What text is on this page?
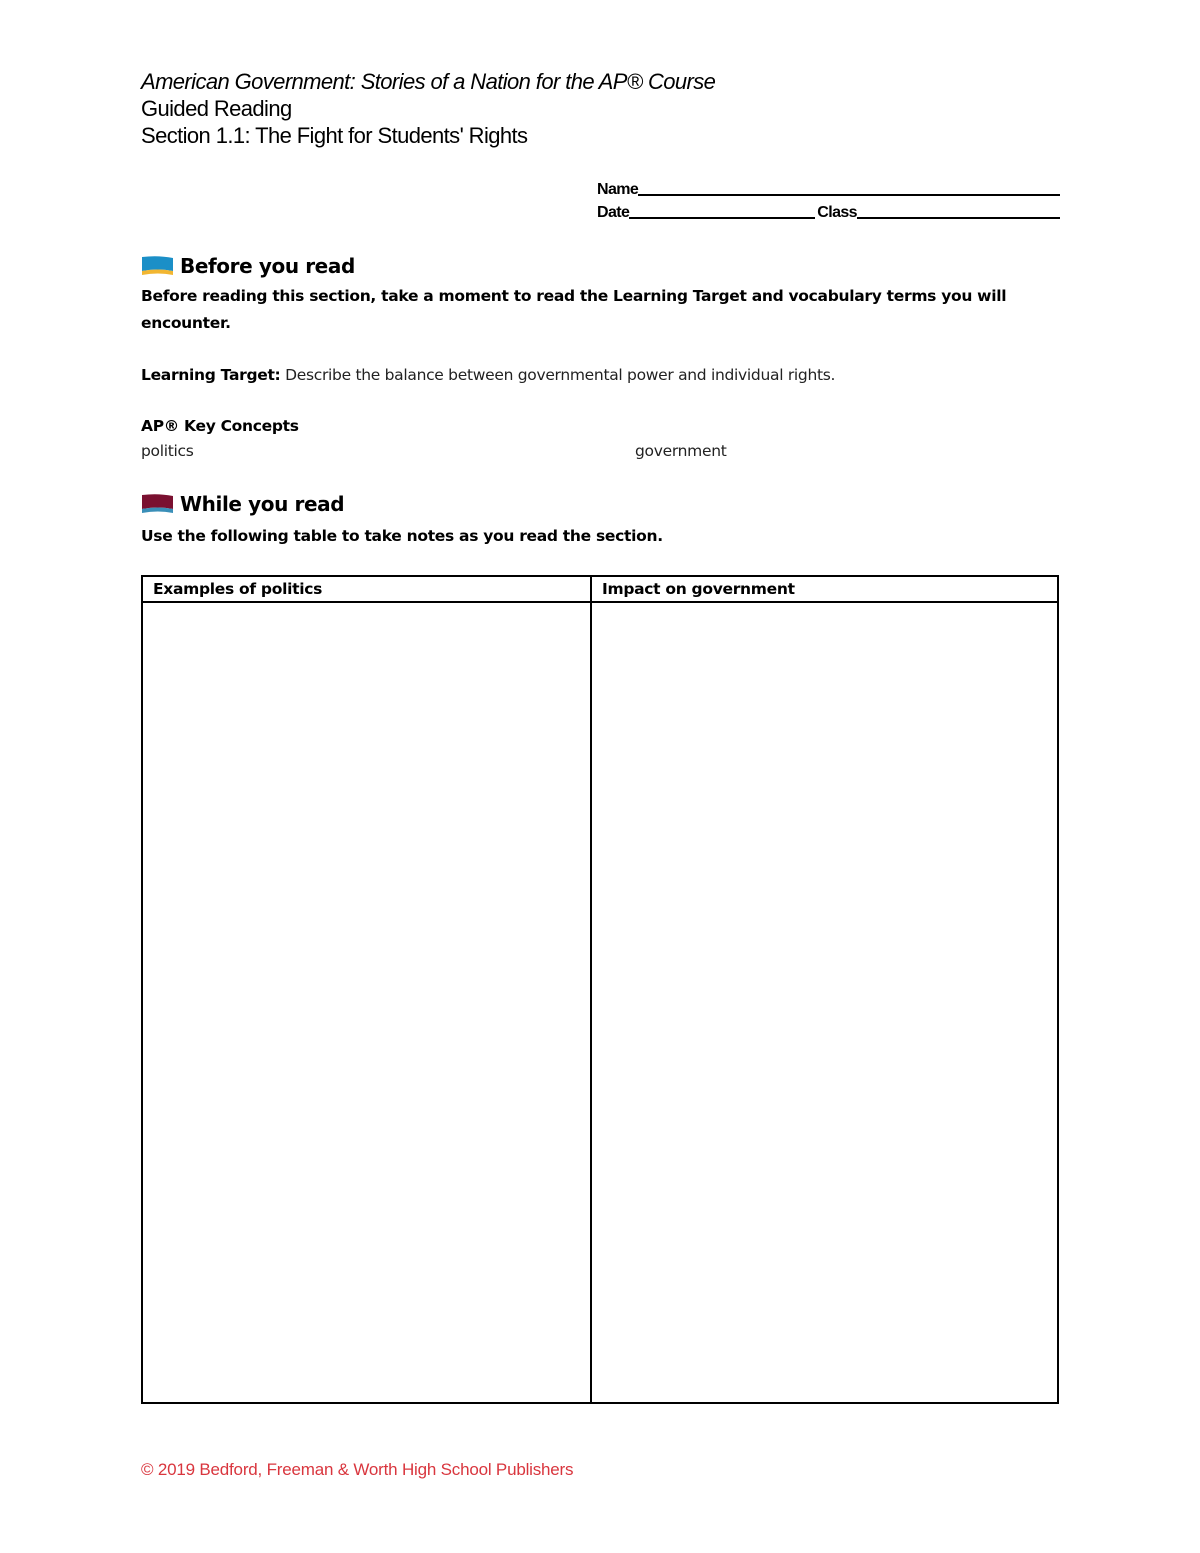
American Government: Stories of a Nation for the AP® Course
Guided Reading
Section 1.1: The Fight for Students' Rights
Name
Date	Class
Before you read
Before reading this section, take a moment to read the Learning Target and vocabulary terms you will encounter.
Learning Target: Describe the balance between governmental power and individual rights.
AP® Key Concepts
politics	government
While you read
Use the following table to take notes as you read the section.
Examples of politics	Impact on government
© 2019 Bedford, Freeman & Worth High School Publishers
